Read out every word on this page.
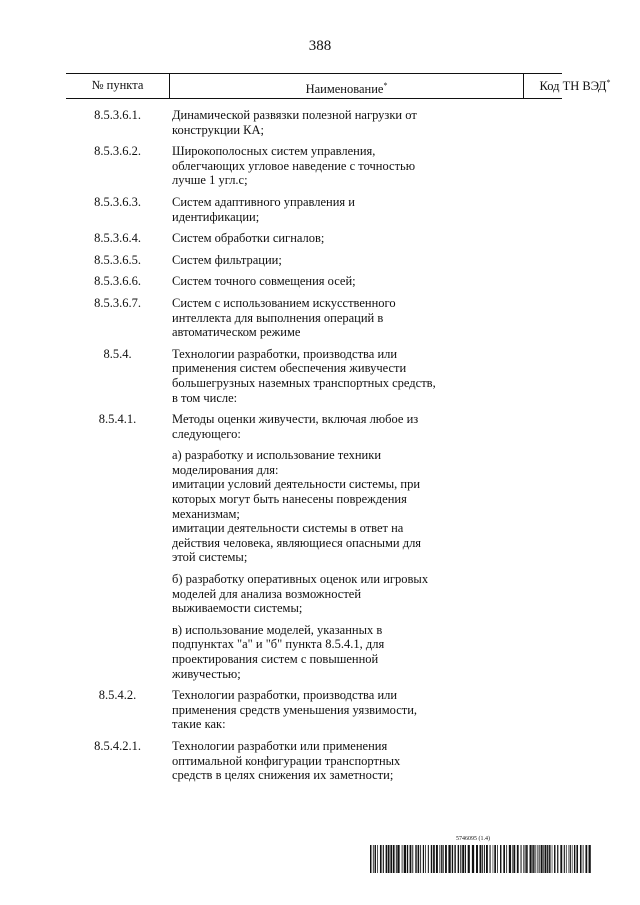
388
№ пункта	Наименование*	Код ТН ВЭД*
8.5.3.6.1.	Динамической развязки полезной нагрузки от конструкции КА;
8.5.3.6.2.	Широкополосных систем управления, облегчающих угловое наведение с точностью лучше 1 угл.с;
8.5.3.6.3.	Систем адаптивного управления и идентификации;
8.5.3.6.4.	Систем обработки сигналов;
8.5.3.6.5.	Систем фильтрации;
8.5.3.6.6.	Систем точного совмещения осей;
8.5.3.6.7.	Систем с использованием искусственного интеллекта для выполнения операций в автоматическом режиме
8.5.4.	Технологии разработки, производства или применения систем обеспечения живучести большегрузных наземных транспортных средств, в том числе:
8.5.4.1.	Методы оценки живучести, включая любое из следующего:
а) разработку и использование техники моделирования для:
имитации условий деятельности системы, при которых могут быть нанесены повреждения механизмам;
имитации деятельности системы в ответ на действия человека, являющиеся опасными для этой системы;
б) разработку оперативных оценок или игровых моделей для анализа возможностей выживаемости системы;
в) использование моделей, указанных в подпунктах "а" и "б" пункта 8.5.4.1, для проектирования систем с повышенной живучестью;
8.5.4.2.	Технологии разработки, производства или применения средств уменьшения уязвимости, такие как:
8.5.4.2.1.	Технологии разработки или применения оптимальной конфигурации транспортных средств в целях снижения их заметности;
5746095 (1.4)
